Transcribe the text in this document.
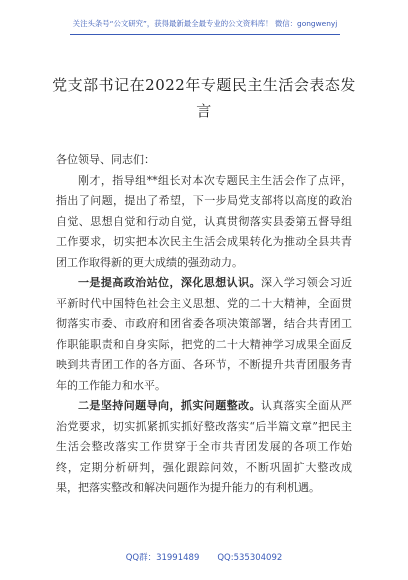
关注头条号“公文研究”，获得最新最全最专业的公文资料库！ 微信：gongwenyj
党支部书记在2022年专题民主生活会表态发言

各位领导、同志们：

刚才，指导组**组长对本次专题民主生活会作了点评，指出了问题，提出了希望，下一步局党支部将以高度的政治自觉、思想自觉和行动自觉，认真贯彻落实县委第五督导组工作要求，切实把本次民主生活会成果转化为推动全县共青团工作取得新的更大成绩的强劲动力。

一是提高政治站位，深化思想认识。深入学习领会习近平新时代中国特色社会主义思想、党的二十大精神，全面贯彻落实市委、市政府和团省委各项决策部署，结合共青团工作职能职责和自身实际，把党的二十大精神学习成果全面反映到共青团工作的各方面、各环节，不断提升共青团服务青年的工作能力和水平。

二是坚持问题导向，抓实问题整改。认真落实全面从严治党要求，切实抓紧抓实抓好整改落实“后半篇文章”把民主生活会整改落实工作贯穿于全市共青团发展的各项工作始终，定期分析研判，强化跟踪问效，不断巩固扩大整改成果，把落实整改和解决问题作为提升能力的有利机遇。

QQ群：31991489 QQ:535304092
